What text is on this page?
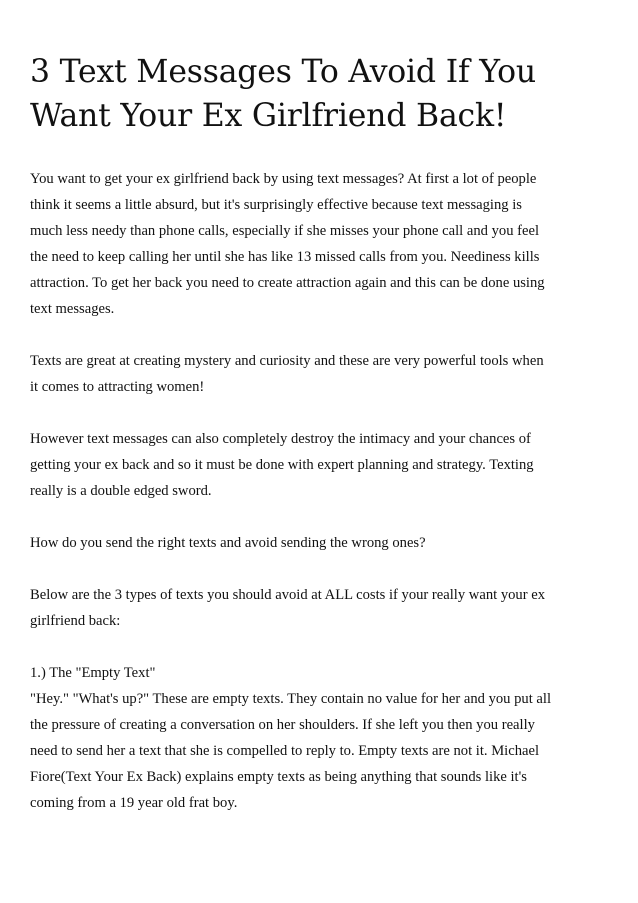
3 Text Messages To Avoid If You
Want Your Ex Girlfriend Back!

You want to get your ex girlfriend back by using text messages? At first a lot of people
think it seems a little absurd, but it's surprisingly effective because text messaging is
much less needy than phone calls, especially if she misses your phone call and you feel
the need to keep calling her until she has like 13 missed calls from you. Neediness kills
attraction. To get her back you need to create attraction again and this can be done using
text messages.

Texts are great at creating mystery and curiosity and these are very powerful tools when
it comes to attracting women!

However text messages can also completely destroy the intimacy and your chances of
getting your ex back and so it must be done with expert planning and strategy. Texting
really is a double edged sword.

How do you send the right texts and avoid sending the wrong ones?

Below are the 3 types of texts you should avoid at ALL costs if your really want your ex
girlfriend back:

1.) The "Empty Text"
"Hey." "What's up?" These are empty texts. They contain no value for her and you put all
the pressure of creating a conversation on her shoulders. If she left you then you really
need to send her a text that she is compelled to reply to. Empty texts are not it. Michael
Fiore(Text Your Ex Back) explains empty texts as being anything that sounds like it's
coming from a 19 year old frat boy.
